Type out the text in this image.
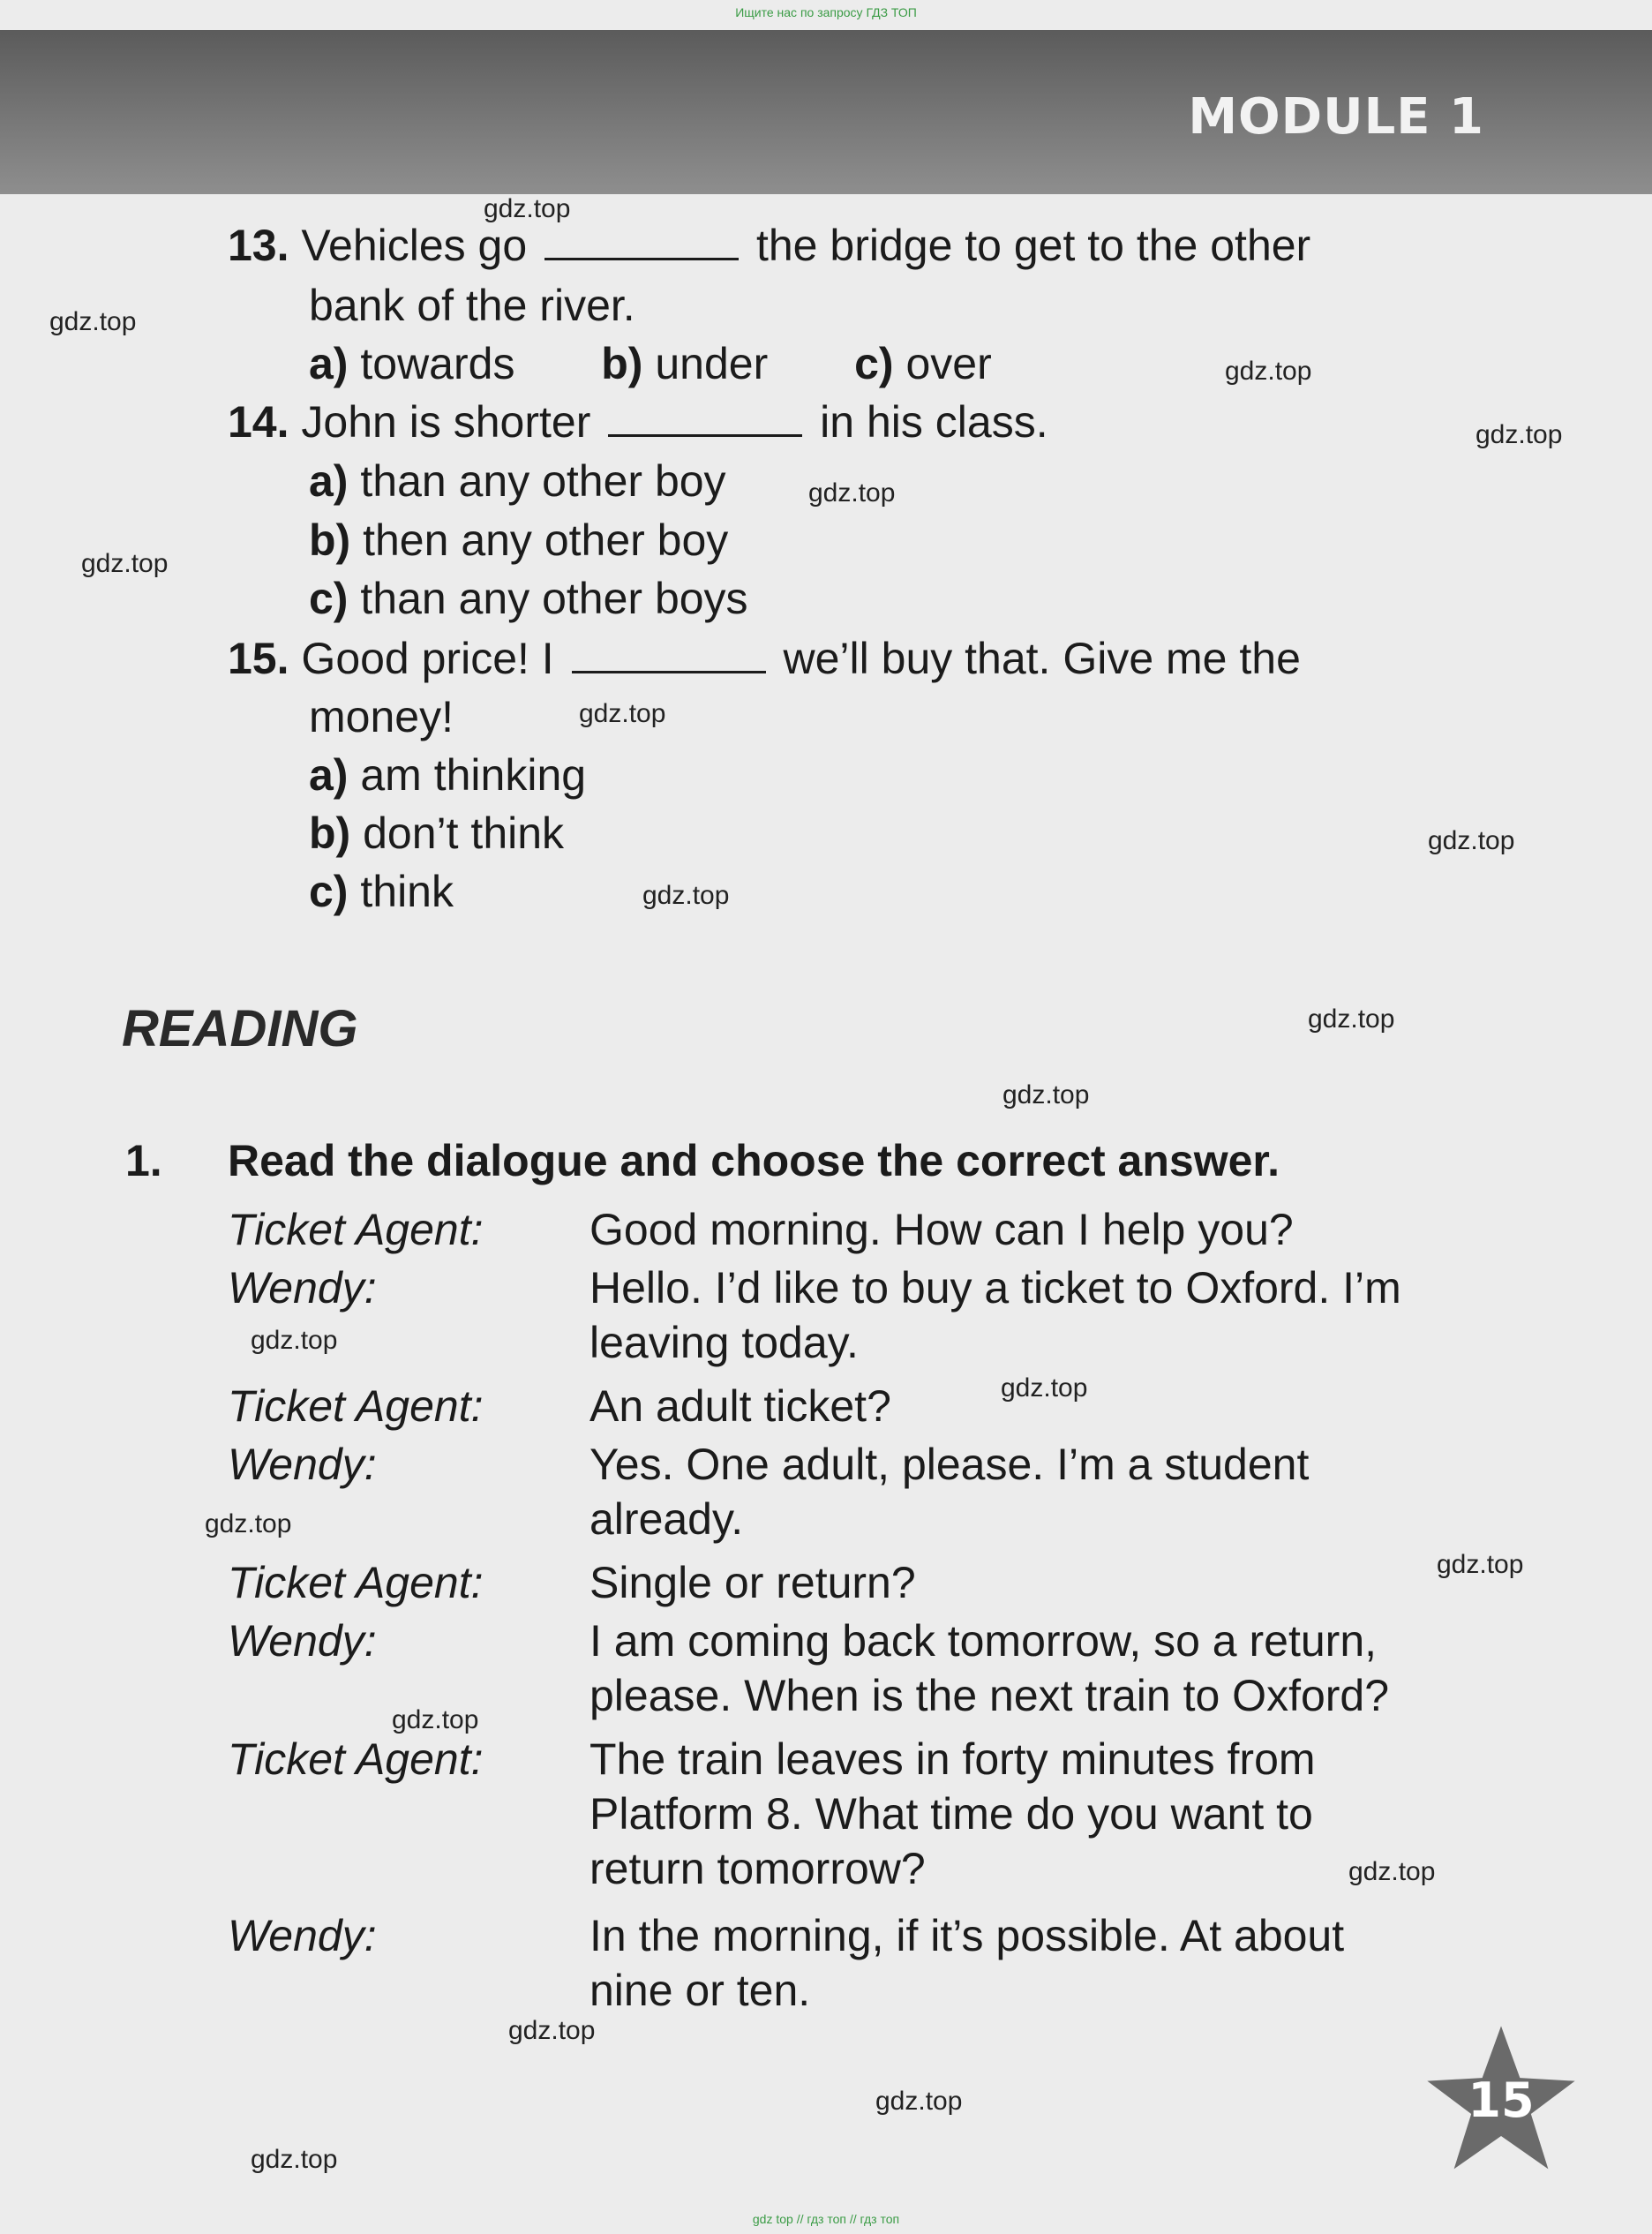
Ищите нас по запросу ГДЗ ТОП
MODULE 1
13. Vehicles go	the bridge to get to the other
bank of the river.
a) towards b) under c) over
14. John is shorter	in his class.
a) than any other boy
b) then any other boy
c) than any other boys
15. Good price! I	we’ll buy that. Give me the
money!
a) am thinking
b) don’t think
c) think
READING
1. Read the dialogue and choose the correct answer.
Ticket Agent: Good morning. How can I help you?
Wendy:	Hello. I’d like to buy a ticket to Oxford. I’m
leaving today.
Ticket Agent: An adult ticket?
Wendy:	Yes. One adult, please. I’m a student
already.
Ticket Agent: Single or return?
Wendy:	I am coming back tomorrow, so a return,
please. When is the next train to Oxford?
Ticket Agent: The train leaves in forty minutes from
Platform 8. What time do you want to
return tomorrow?
Wendy:	In the morning, if it’s possible. At about
nine or ten.
gdz.top
gdz.top
gdz.top
gdz.top
gdz.top
gdz.top
gdz.top
gdz.top
gdz.top
gdz.top
gdz.top
gdz.top
gdz.top
gdz.top
gdz.top
gdz.top
gdz.top
gdz.top
gdz.top
gdz.top
15
gdz top // гдз топ // гдз топ
